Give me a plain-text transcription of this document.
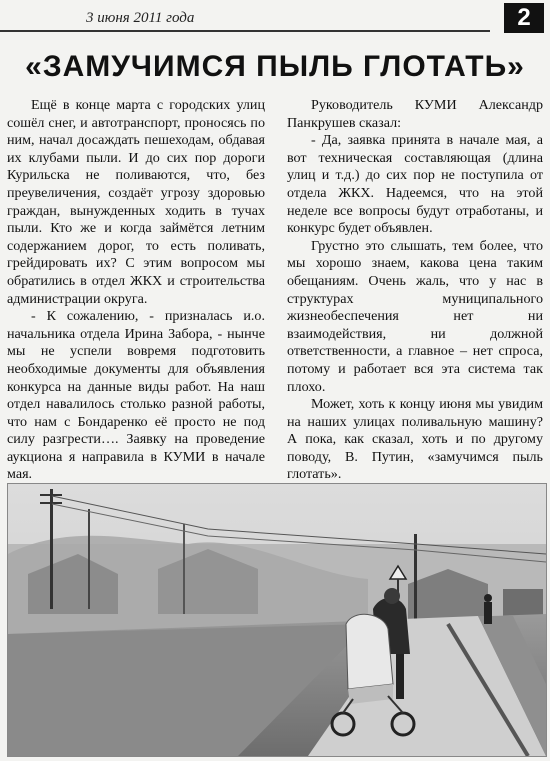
3 июня 2011 года	2
«ЗАМУЧИМСЯ ПЫЛЬ ГЛОТАТЬ»

Ещё в конце марта с городских улиц сошёл снег, и автотранспорт, проносясь по ним, начал досаждать пешеходам, обдавая их клубами пыли. И до сих пор дороги Курильска не поливаются, что, без преувеличения, создаёт угрозу здоровью граждан, вынужденных ходить в тучах пыли. Кто же и когда займётся летним содержанием дорог, то есть поливать, грейдировать их? С этим вопросом мы обратились в отдел ЖКХ и строительства администрации округа.

- К сожалению, - призналась и.о. начальника отдела Ирина Забора, - нынче мы не успели вовремя подготовить необходимые документы для объявления конкурса на данные виды работ. На наш отдел навалилось столько разной работы, что нам с Бондаренко её просто не под силу разгрести…. Заявку на проведение аукциона я направила в КУМИ в начале мая.

Руководитель КУМИ Александр Панкрушев сказал:

- Да, заявка принята в начале мая, а вот техническая составляющая (длина улиц и т.д.) до сих пор не поступила от отдела ЖКХ. Надеемся, что на этой неделе все вопросы будут отработаны, и конкурс будет объявлен.

Грустно это слышать, тем более, что мы хорошо знаем, какова цена таким обещаниям. Очень жаль, что у нас в структурах муниципального жизнеобеспечения нет ни взаимодействия, ни должной ответственности, а главное – нет спроса, потому и работает вся эта система так плохо.

Может, хоть к концу июня мы увидим на наших улицах поливальную машину? А пока, как сказал, хоть и по другому поводу, В. Путин, «замучимся пыль глотать».
